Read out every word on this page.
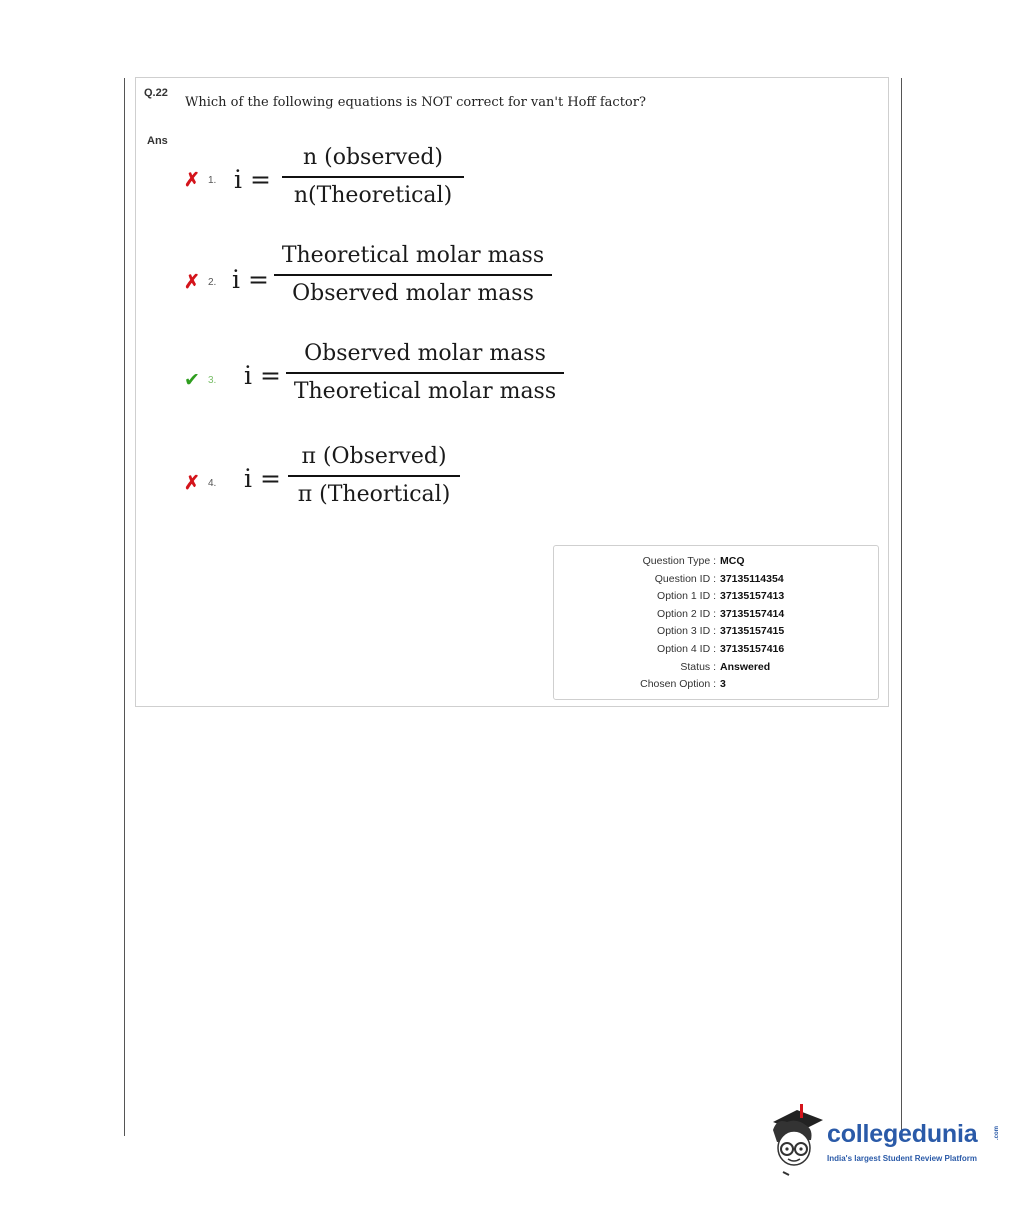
Q.22
Which of the following equations is NOT correct for van't Hoff factor?
Ans
✗ 1. i =
n (observed)
n(Theoretical)
✗ 2. i =
Theoretical molar mass
Observed molar mass
✔ 3. i =
Observed molar mass
Theoretical molar mass
✗ 4. i =
π (Observed)
π (Theortical)
Question Type : MCQ
Question ID : 37135114354
Option 1 ID : 37135157413
Option 2 ID : 37135157414
Option 3 ID : 37135157415
Option 4 ID : 37135157416
Status : Answered
Chosen Option : 3
collegedunia	.com
India's largest Student Review Platform
